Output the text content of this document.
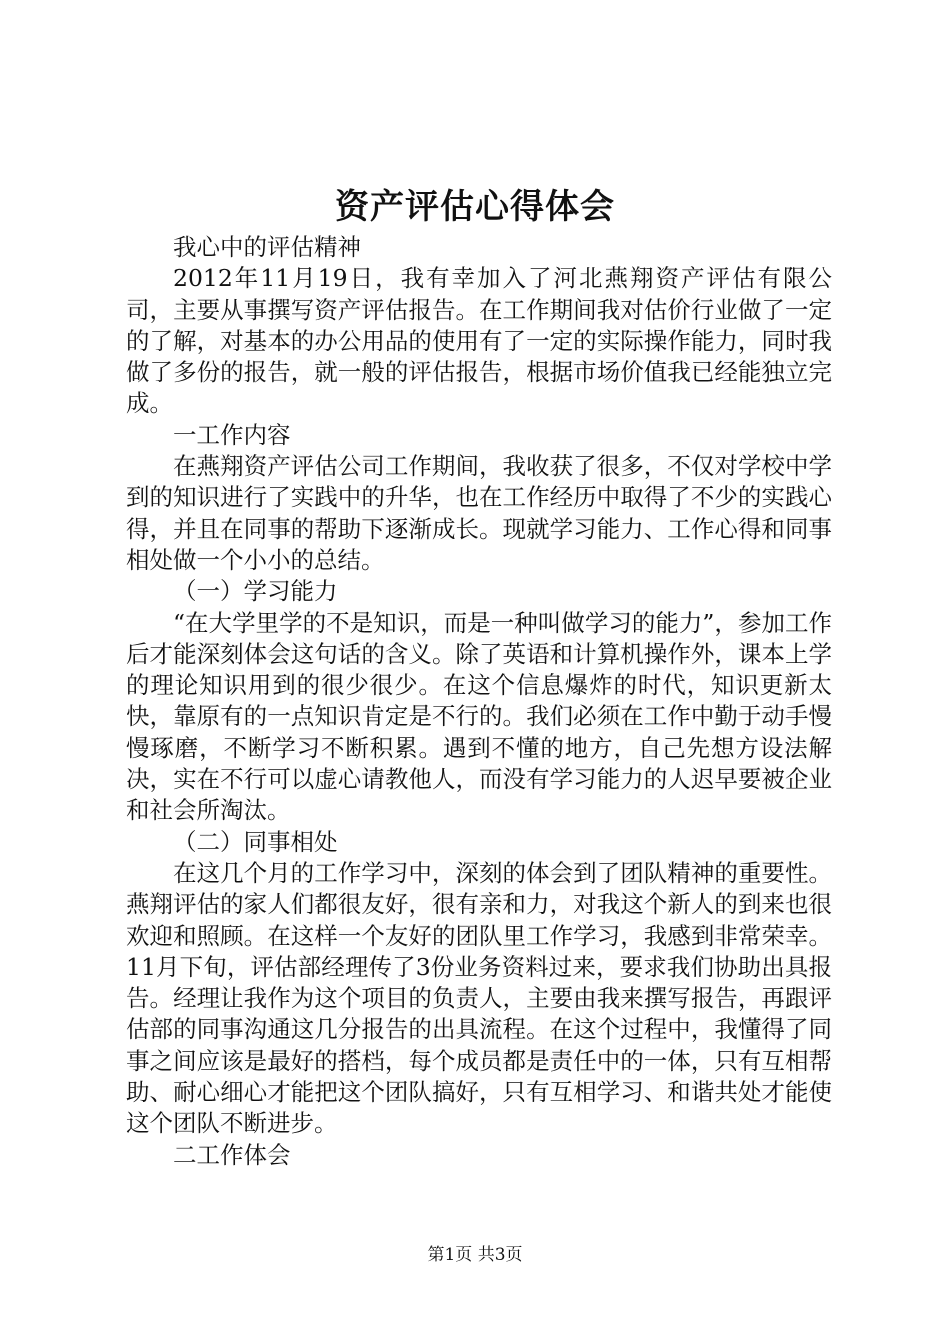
资产评估心得体会

我心中的评估精神

2012年11月19日，我有幸加入了河北燕翔资产评估有限公司，主要从事撰写资产评估报告。在工作期间我对估价行业做了一定的了解，对基本的办公用品的使用有了一定的实际操作能力，同时我做了多份的报告，就一般的评估报告，根据市场价值我已经能独立完成。

一工作内容

在燕翔资产评估公司工作期间，我收获了很多，不仅对学校中学到的知识进行了实践中的升华，也在工作经历中取得了不少的实践心得，并且在同事的帮助下逐渐成长。现就学习能力、工作心得和同事相处做一个小小的总结。

（一）学习能力

“在大学里学的不是知识，而是一种叫做学习的能力”，参加工作后才能深刻体会这句话的含义。除了英语和计算机操作外，课本上学的理论知识用到的很少很少。在这个信息爆炸的时代，知识更新太快，靠原有的一点知识肯定是不行的。我们必须在工作中勤于动手慢慢琢磨，不断学习不断积累。遇到不懂的地方，自己先想方设法解决，实在不行可以虚心请教他人，而没有学习能力的人迟早要被企业和社会所淘汰。

（二）同事相处

在这几个月的工作学习中，深刻的体会到了团队精神的重要性。燕翔评估的家人们都很友好，很有亲和力，对我这个新人的到来也很欢迎和照顾。在这样一个友好的团队里工作学习，我感到非常荣幸。11月下旬，评估部经理传了3份业务资料过来，要求我们协助出具报告。经理让我作为这个项目的负责人，主要由我来撰写报告，再跟评估部的同事沟通这几分报告的出具流程。在这个过程中，我懂得了同事之间应该是最好的搭档，每个成员都是责任中的一体，只有互相帮助、耐心细心才能把这个团队搞好，只有互相学习、和谐共处才能使这个团队不断进步。

二工作体会

第1页 共3页
